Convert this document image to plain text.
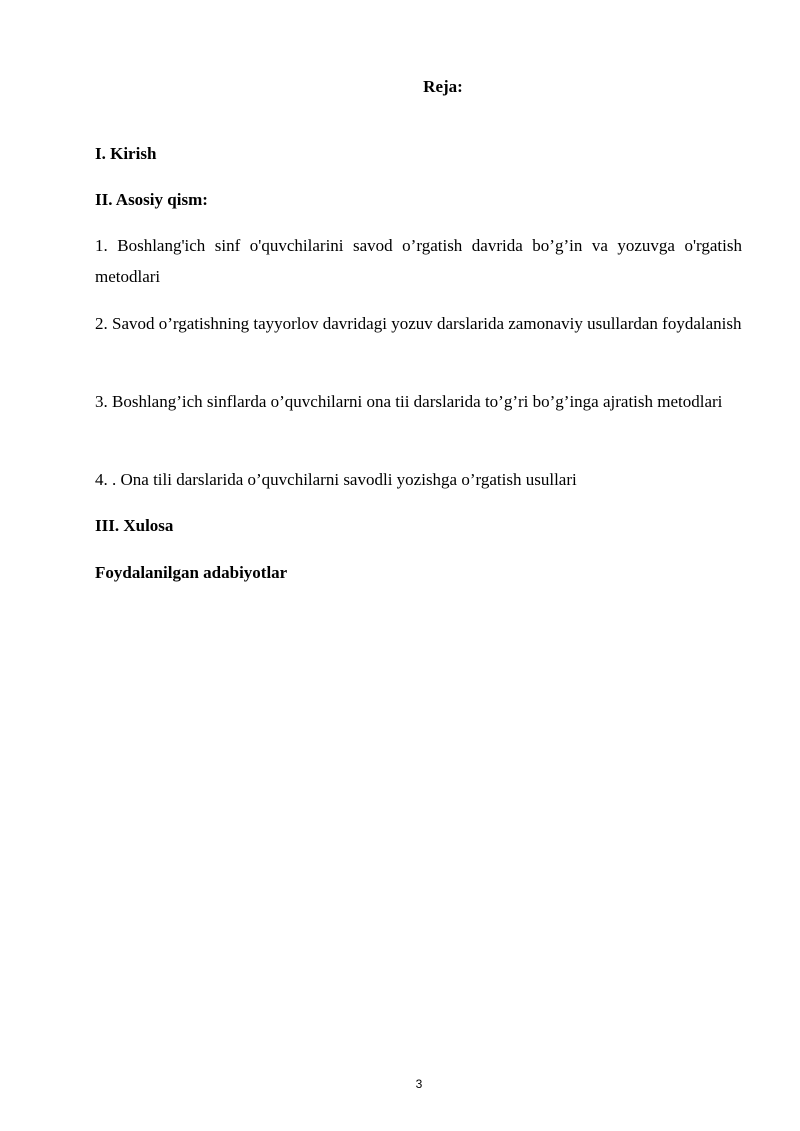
Reja:

I. Kirish

II. Asosiy qism:

1. Boshlang'ich sinf o'quvchilarini savod o’rgatish davrida bo’g’in va yozuvga o'rgatish metodlari

2. Savod o’rgatishning tayyorlov davridagi yozuv darslarida zamonaviy usullardan foydalanish

3. Boshlang’ich sinflarda o’quvchilarni ona tii darslarida to’g’ri bo’g’inga ajratish metodlari

4. . Ona tili darslarida o’quvchilarni savodli yozishga o’rgatish usullari

III. Xulosa

Foydalanilgan adabiyotlar

3
